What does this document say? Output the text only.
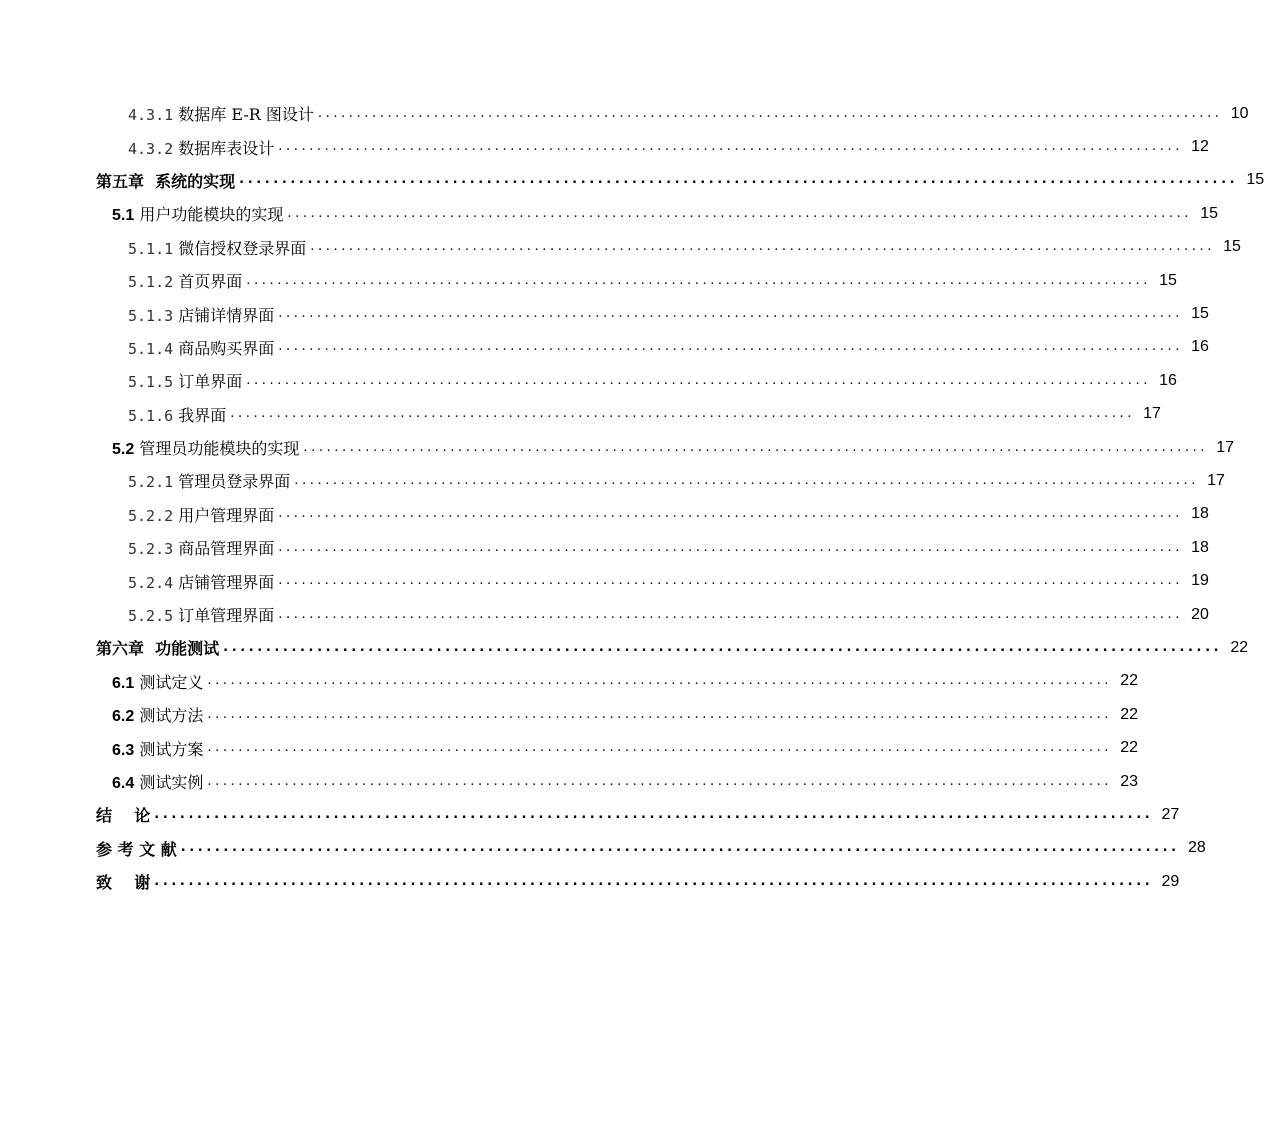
4.3.1 数据库 E-R 图设计 ..................................................................................................................... 10
4.3.2 数据库表设计 ..................................................................................................................... 12
第五章  系统的实现 ..................................................................................................................... 15
5.1 用户功能模块的实现 ..................................................................................................................... 15
5.1.1 微信授权登录界面 ..................................................................................................................... 15
5.1.2 首页界面 ..................................................................................................................... 15
5.1.3 店铺详情界面 ..................................................................................................................... 15
5.1.4 商品购买界面 ..................................................................................................................... 16
5.1.5 订单界面 ..................................................................................................................... 16
5.1.6 我界面 ..................................................................................................................... 17
5.2 管理员功能模块的实现 ..................................................................................................................... 17
5.2.1 管理员登录界面 ..................................................................................................................... 17
5.2.2 用户管理界面 ..................................................................................................................... 18
5.2.3 商品管理界面 ..................................................................................................................... 18
5.2.4 店铺管理界面 ..................................................................................................................... 19
5.2.5 订单管理界面 ..................................................................................................................... 20
第六章  功能测试 ..................................................................................................................... 22
6.1 测试定义 ..................................................................................................................... 22
6.2 测试方法 ..................................................................................................................... 22
6.3 测试方案 ..................................................................................................................... 22
6.4 测试实例 ..................................................................................................................... 23
结    论 ..................................................................................................................... 27
参 考 文 献 ..................................................................................................................... 28
致    谢 ..................................................................................................................... 29
